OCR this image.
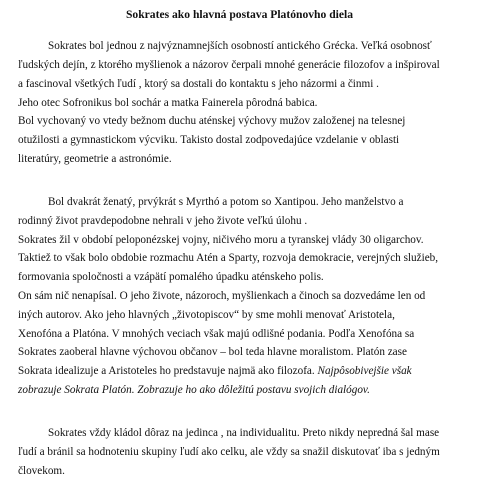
Sokrates ako hlavná postava Platónovho diela
Sokrates bol jednou z najvýznamnejších osobností antického Grécka. Veľká osobnosť
ľudských dejín, z ktorého myšlienok a názorov čerpali mnohé generácie filozofov a inšpiroval
a fascinoval všetkých ľudí , ktorý sa dostali do kontaktu s jeho názormi a činmi .
Jeho otec Sofronikus bol sochár a matka Fainerela pôrodná babica.
Bol vychovaný vo vtedy bežnom duchu aténskej výchovy mužov založenej na telesnej
otužilosti a gymnastickom výcviku. Takisto dostal zodpovedajúce vzdelanie v oblasti
literatúry, geometrie a astronómie.
Bol dvakrát ženatý, prvýkrát s Myrthó a potom so Xantipou. Jeho manželstvo a
rodinný život pravdepodobne nehrali v jeho živote veľkú úlohu .
Sokrates žil v období peloponézskej vojny, ničivého moru a tyranskej vlády 30 oligarchov.
Taktiež to však bolo obdobie rozmachu Atén a Sparty, rozvoja demokracie, verejných služieb,
formovania spoločnosti a vzápätí pomalého úpadku aténskeho polis.
On sám nič nenapísal. O jeho živote, názoroch, myšlienkach a činoch sa dozvedáme len od
iných autorov. Ako jeho hlavných „životopiscov“ by sme mohli menovať Aristotela,
Xenofóna a Platóna. V mnohých veciach však majú odlišné podania. Podľa Xenofóna sa
Sokrates zaoberal hlavne výchovou občanov – bol teda hlavne moralistom. Platón zase
Sokrata idealizuje a Aristoteles ho predstavuje najmä ako filozofa. Najpôsobivejšie však
zobrazuje Sokrata Platón. Zobrazuje ho ako dôležitú postavu svojich dialógov.
Sokrates vždy kládol dôraz na jedinca , na individualitu. Preto nikdy nepredná šal mase
ľudí a bránil sa hodnoteniu skupiny ľudí ako celku, ale vždy sa snažil diskutovať iba s jedným
človekom.
